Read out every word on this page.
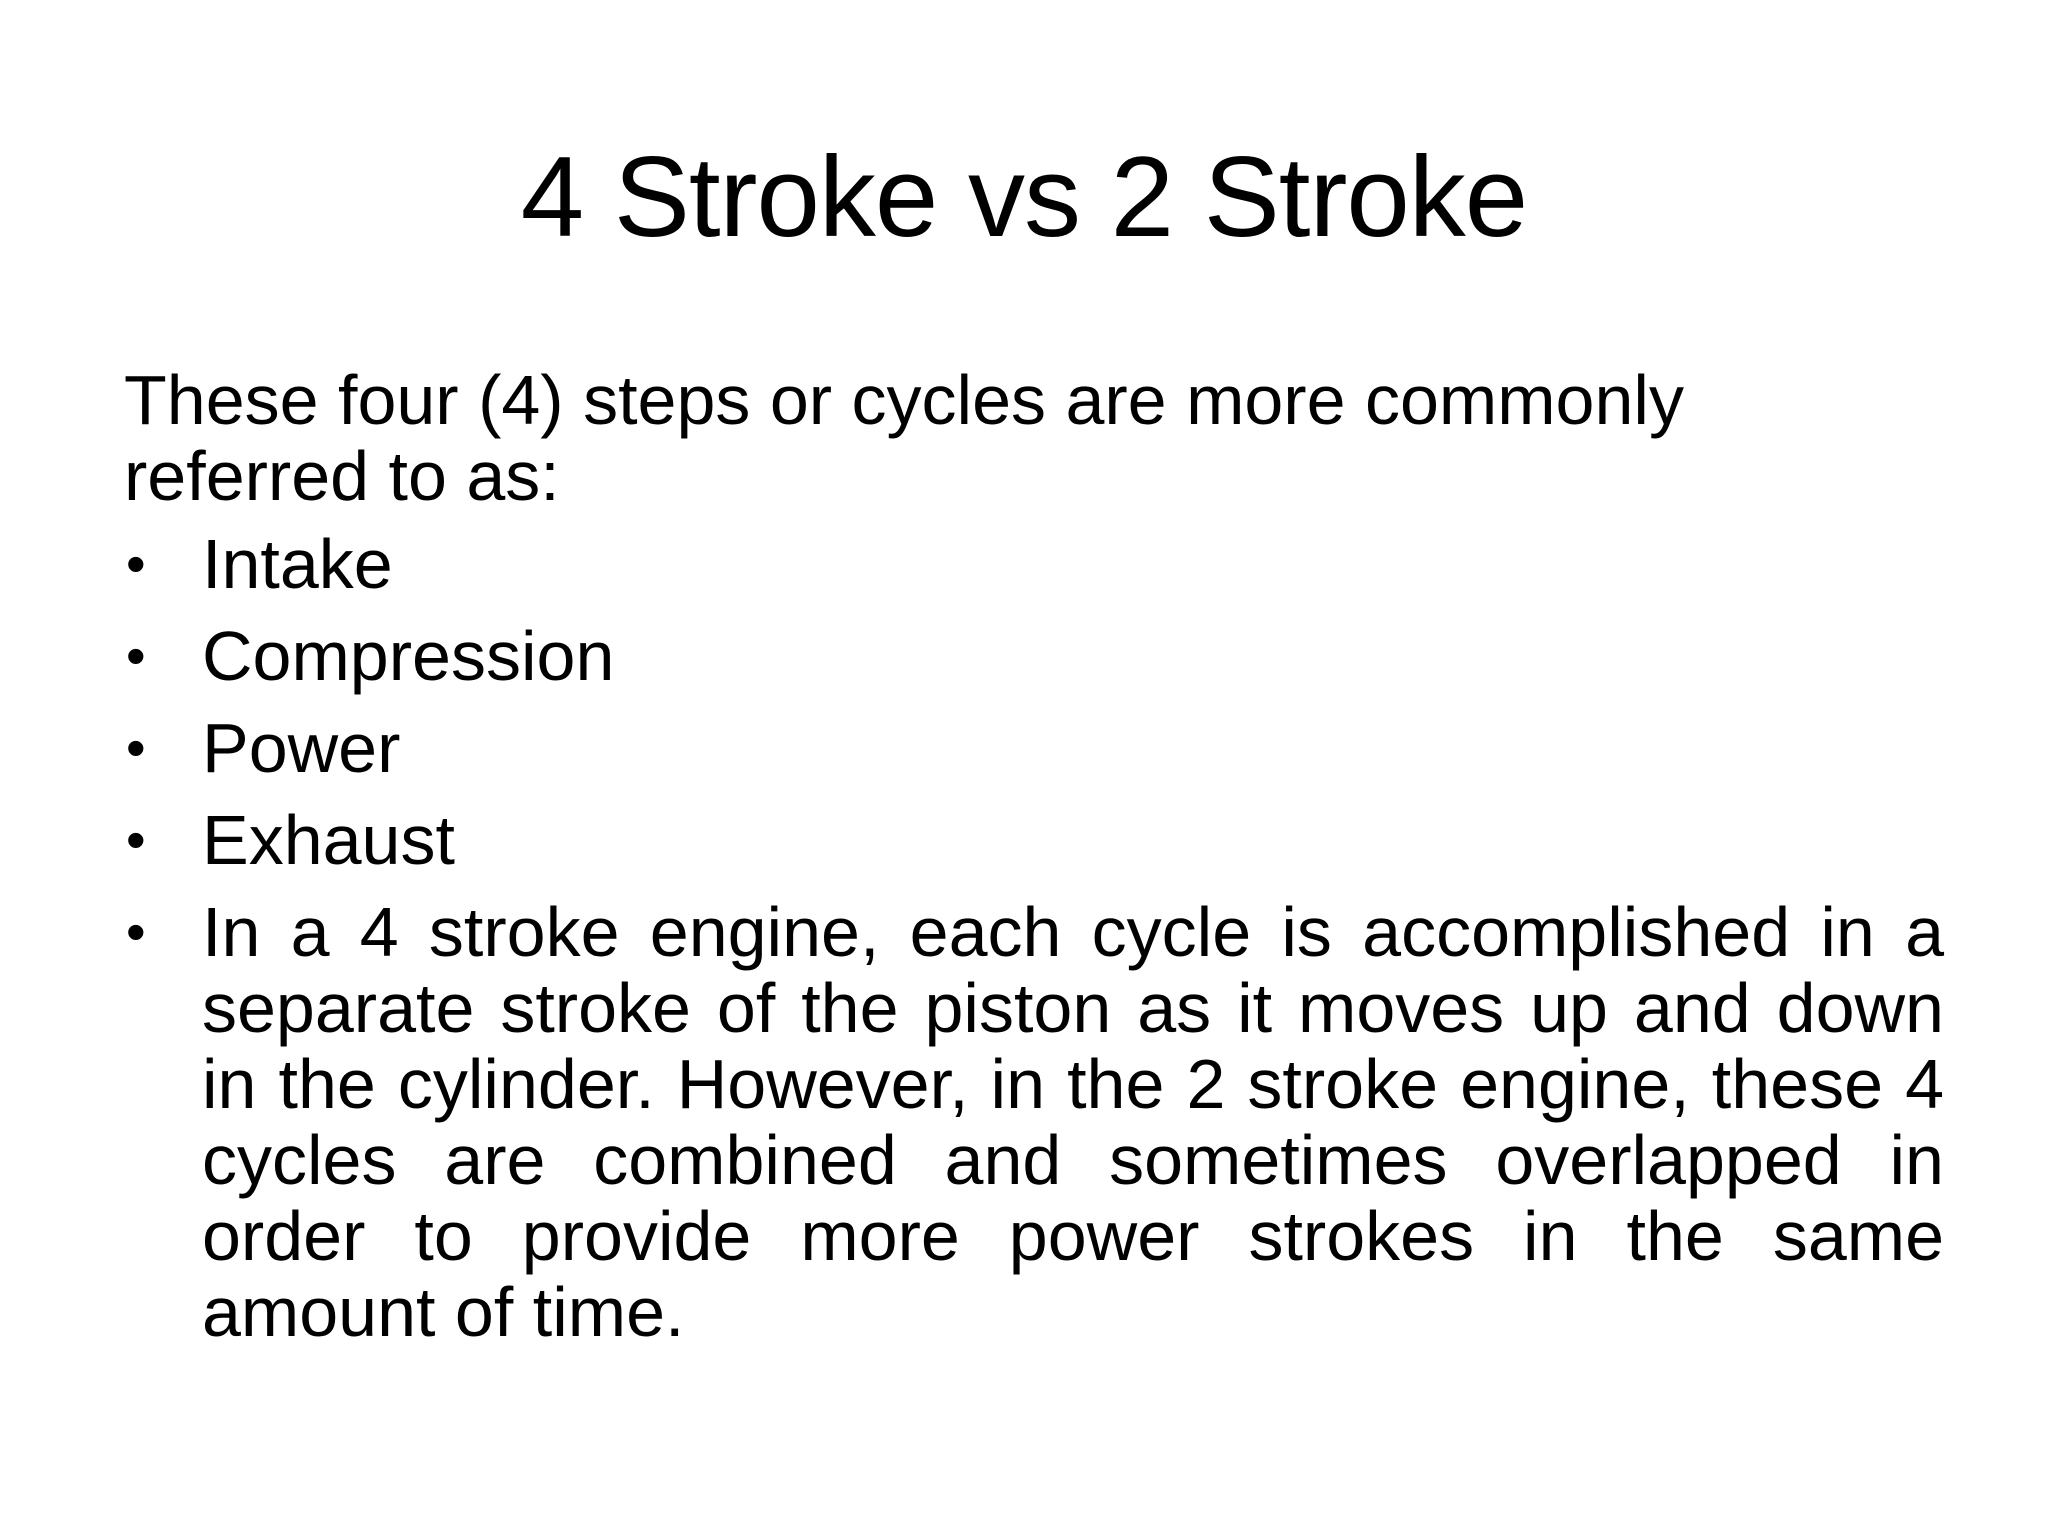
4 Stroke vs 2 Stroke

These four (4) steps or cycles are more commonly referred to as:

• Intake
• Compression
• Power
• Exhaust
• In a 4 stroke engine, each cycle is accomplished in a separate stroke of the piston as it moves up and down in the cylinder. However, in the 2 stroke engine, these 4 cycles are combined and sometimes overlapped in order to provide more power strokes in the same amount of time.
